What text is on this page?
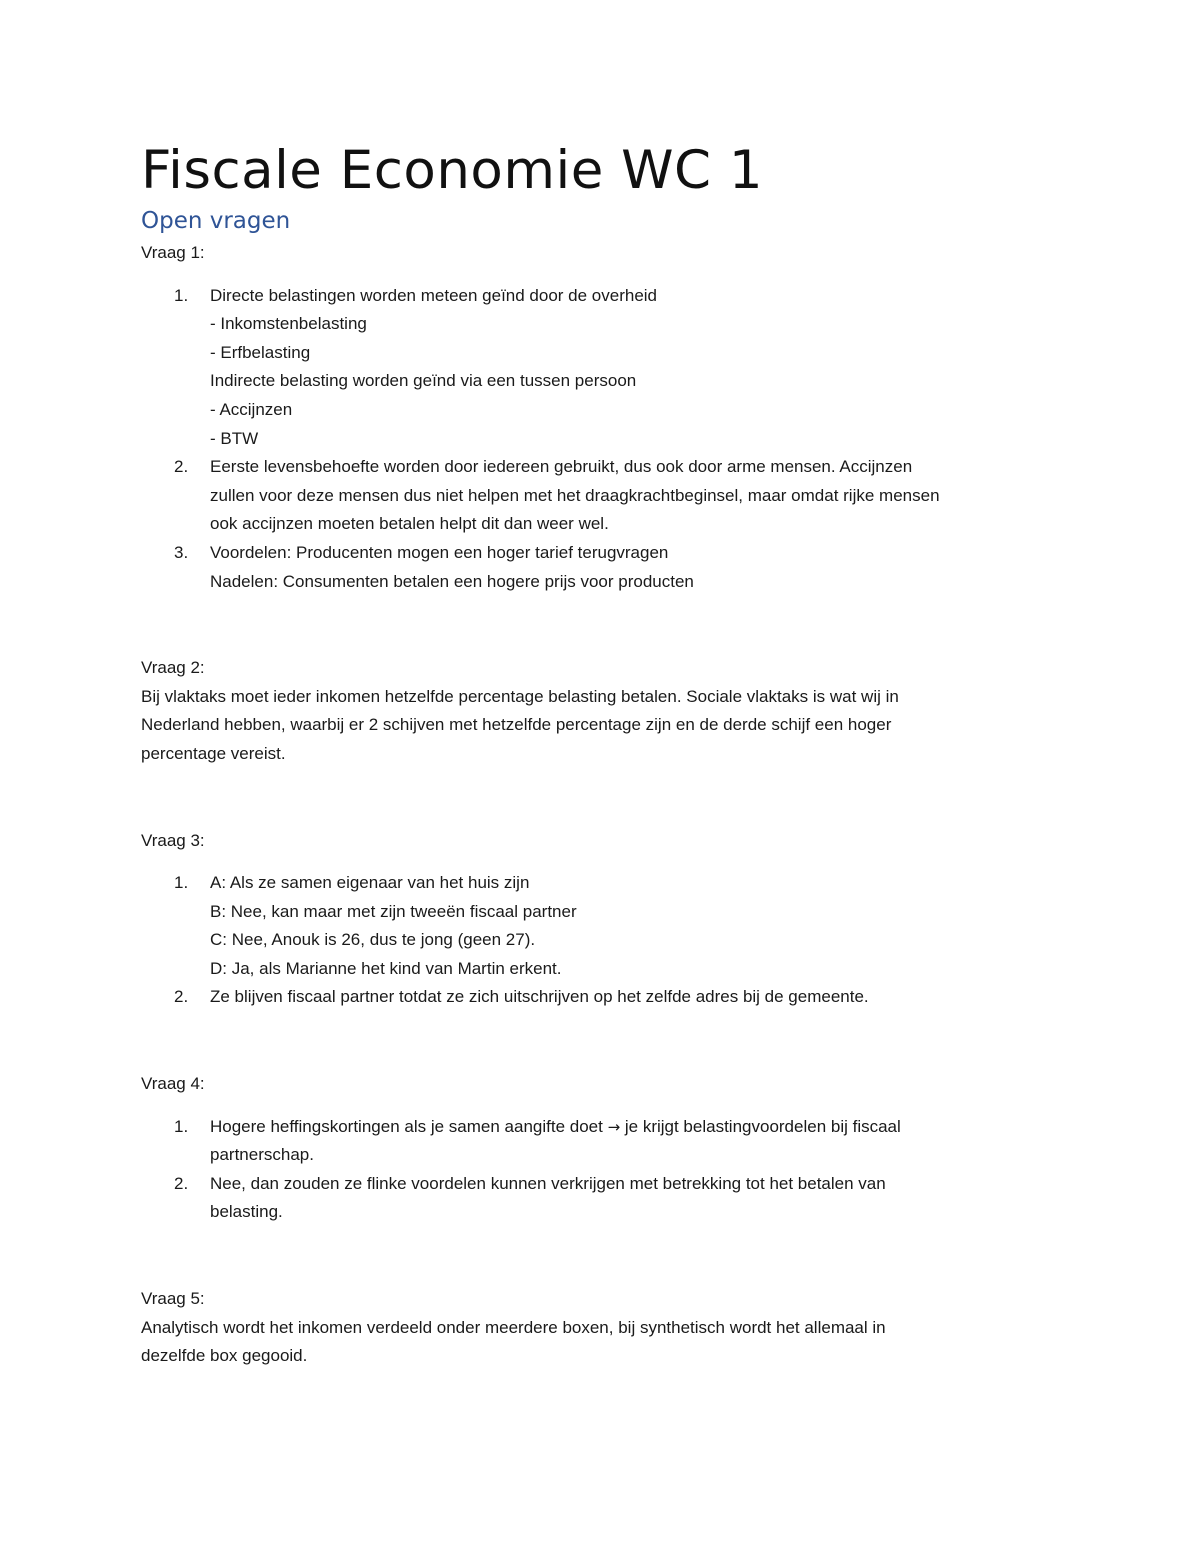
Fiscale Economie WC 1
Open vragen

Vraag 1:

1. Directe belastingen worden meteen geïnd door de overheid
- Inkomstenbelasting
- Erfbelasting
Indirecte belasting worden geïnd via een tussen persoon
- Accijnzen
- BTW
2. Eerste levensbehoefte worden door iedereen gebruikt, dus ook door arme mensen. Accijnzen
zullen voor deze mensen dus niet helpen met het draagkrachtbeginsel, maar omdat rijke mensen
ook accijnzen moeten betalen helpt dit dan weer wel.
3. Voordelen: Producenten mogen een hoger tarief terugvragen
Nadelen: Consumenten betalen een hogere prijs voor producten

Vraag 2:

Bij vlaktaks moet ieder inkomen hetzelfde percentage belasting betalen. Sociale vlaktaks is wat wij in
Nederland hebben, waarbij er 2 schijven met hetzelfde percentage zijn en de derde schijf een hoger
percentage vereist.

Vraag 3:

1. A: Als ze samen eigenaar van het huis zijn
B: Nee, kan maar met zijn tweeën fiscaal partner
C: Nee, Anouk is 26, dus te jong (geen 27).
D: Ja, als Marianne het kind van Martin erkent.
2. Ze blijven fiscaal partner totdat ze zich uitschrijven op het zelfde adres bij de gemeente.

Vraag 4:

1. Hogere heffingskortingen als je samen aangifte doet → je krijgt belastingvoordelen bij fiscaal
partnerschap.
2. Nee, dan zouden ze flinke voordelen kunnen verkrijgen met betrekking tot het betalen van
belasting.

Vraag 5:

Analytisch wordt het inkomen verdeeld onder meerdere boxen, bij synthetisch wordt het allemaal in
dezelfde box gegooid.
